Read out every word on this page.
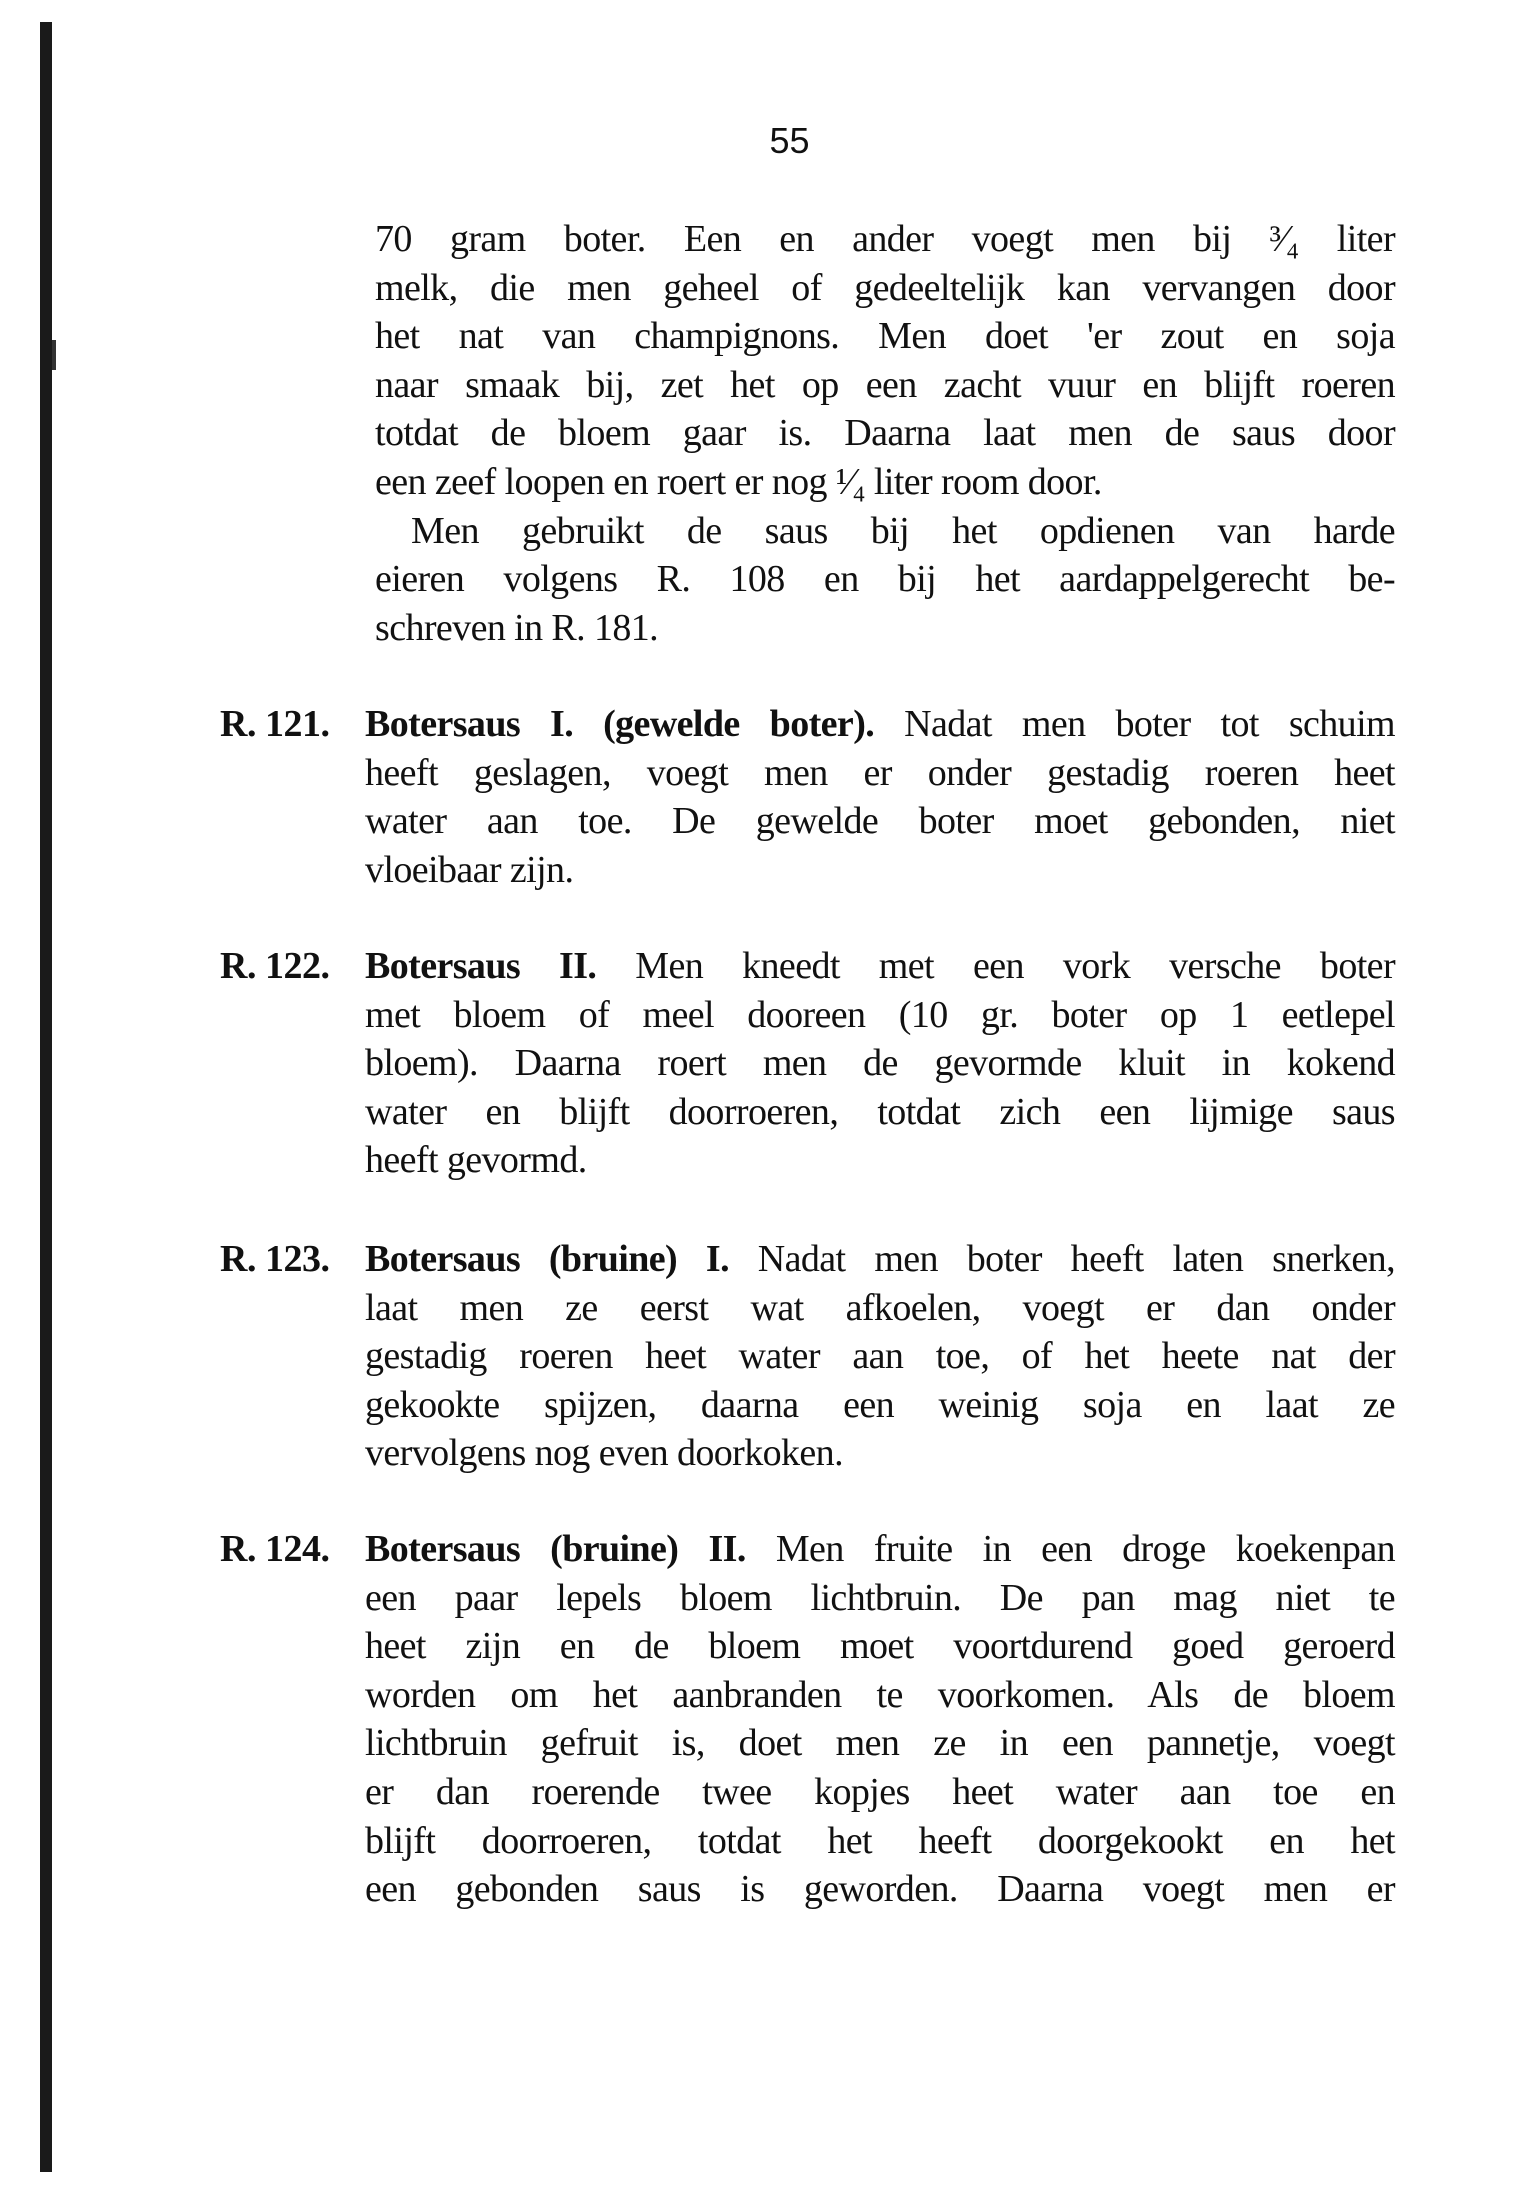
55
70 gram boter. Een en ander voegt men bij ³⁄₄ liter
melk, die men geheel of gedeeltelijk kan vervangen door
het nat van champignons. Men doet 'er zout en soja
naar smaak bij, zet het op een zacht vuur en blijft roeren
totdat de bloem gaar is. Daarna laat men de saus door
een zeef loopen en roert er nog ¹⁄₄ liter room door.
Men gebruikt de saus bij het opdienen van harde
eieren volgens R. 108 en bij het aardappelgerecht be-
schreven in R. 181.
R. 121. Botersaus I. (gewelde boter). Nadat men boter tot schuim
heeft geslagen, voegt men er onder gestadig roeren heet
water aan toe. De gewelde boter moet gebonden, niet
vloeibaar zijn.
R. 122. Botersaus II. Men kneedt met een vork versche boter
met bloem of meel dooreen (10 gr. boter op 1 eetlepel
bloem). Daarna roert men de gevormde kluit in kokend
water en blijft doorroeren, totdat zich een lijmige saus
heeft gevormd.
R. 123. Botersaus (bruine) I. Nadat men boter heeft laten snerken,
laat men ze eerst wat afkoelen, voegt er dan onder
gestadig roeren heet water aan toe, of het heete nat der
gekookte spijzen, daarna een weinig soja en laat ze
vervolgens nog even doorkoken.
R. 124. Botersaus (bruine) II. Men fruite in een droge koekenpan
een paar lepels bloem lichtbruin. De pan mag niet te
heet zijn en de bloem moet voortdurend goed geroerd
worden om het aanbranden te voorkomen. Als de bloem
lichtbruin gefruit is, doet men ze in een pannetje, voegt
er dan roerende twee kopjes heet water aan toe en
blijft doorroeren, totdat het heeft doorgekookt en het
een gebonden saus is geworden. Daarna voegt men er
